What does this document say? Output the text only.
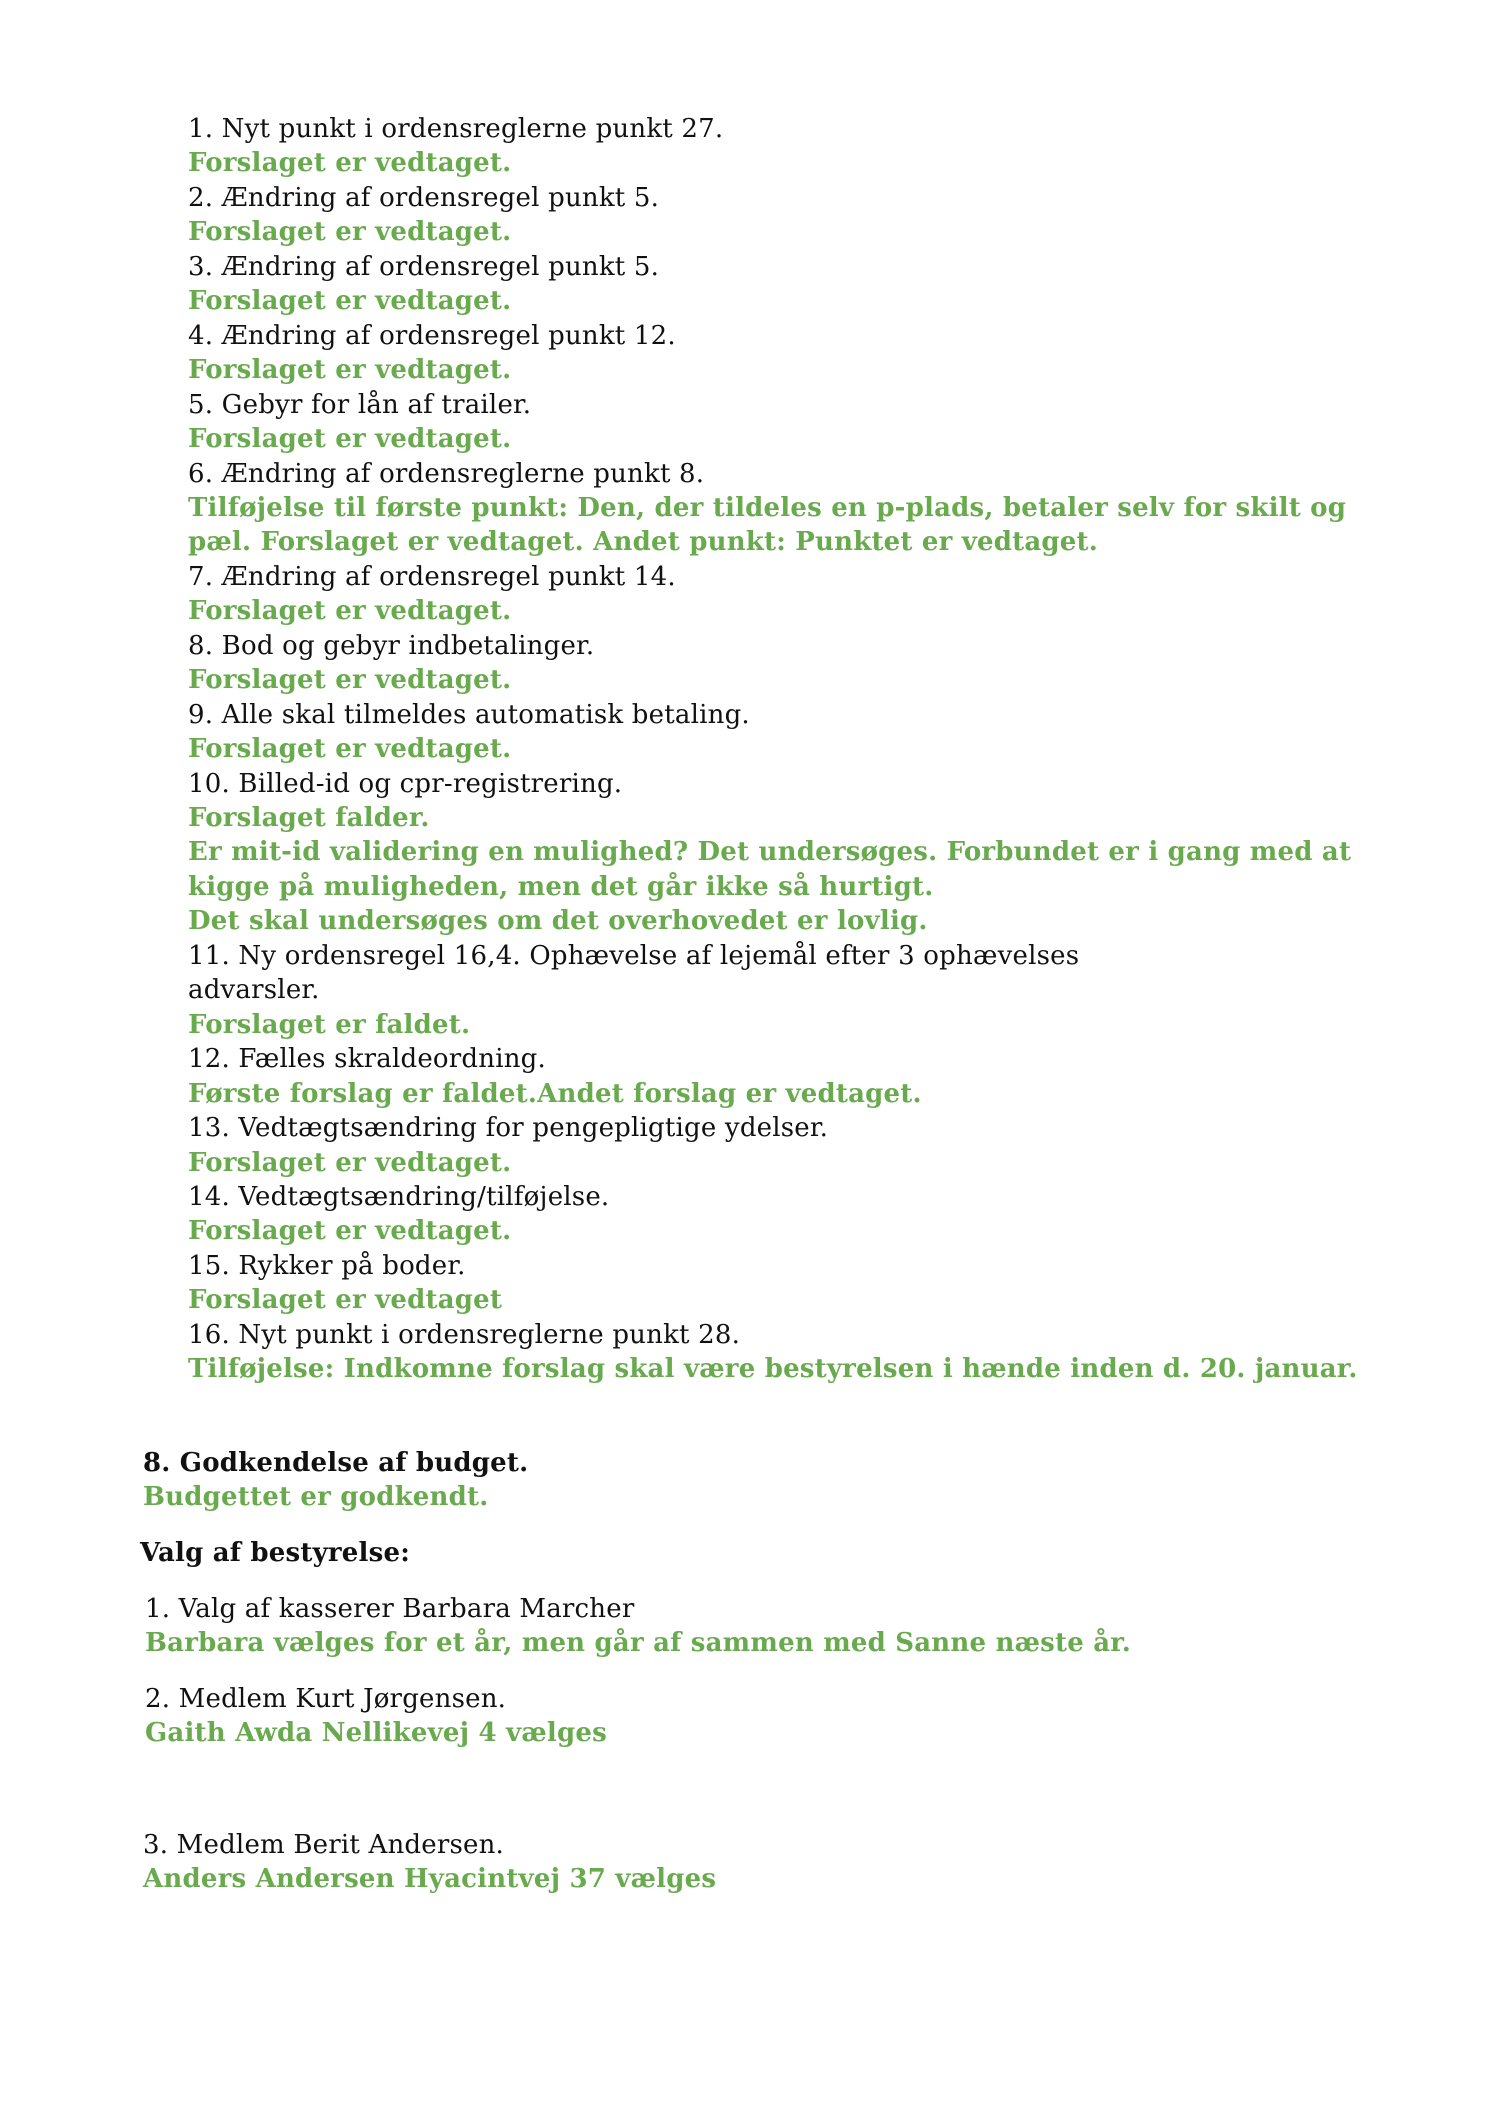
1. Nyt punkt i ordensreglerne punkt 27.
Forslaget er vedtaget.
2. Ændring af ordensregel punkt 5.
Forslaget er vedtaget.
3. Ændring af ordensregel punkt 5.
Forslaget er vedtaget.
4. Ændring af ordensregel punkt 12.
Forslaget er vedtaget.
5. Gebyr for lån af trailer.
Forslaget er vedtaget.
6. Ændring af ordensreglerne punkt 8.
Tilføjelse til første punkt: Den, der tildeles en p-plads, betaler selv for skilt og
pæl. Forslaget er vedtaget. Andet punkt: Punktet er vedtaget.
7. Ændring af ordensregel punkt 14.
Forslaget er vedtaget.
8. Bod og gebyr indbetalinger.
Forslaget er vedtaget.
9. Alle skal tilmeldes automatisk betaling.
Forslaget er vedtaget.
10. Billed-id og cpr-registrering.
Forslaget falder.
Er mit-id validering en mulighed? Det undersøges. Forbundet er i gang med at
kigge på muligheden, men det går ikke så hurtigt.
Det skal undersøges om det overhovedet er lovlig.
11. Ny ordensregel 16,4. Ophævelse af lejemål efter 3 ophævelses
advarsler.
Forslaget er faldet.
12. Fælles skraldeordning.
Første forslag er faldet.Andet forslag er vedtaget.
13. Vedtægtsændring for pengepligtige ydelser.
Forslaget er vedtaget.
14. Vedtægtsændring/tilføjelse.
Forslaget er vedtaget.
15. Rykker på boder.
Forslaget er vedtaget
16. Nyt punkt i ordensreglerne punkt 28.
Tilføjelse: Indkomne forslag skal være bestyrelsen i hænde inden d. 20. januar.
8. Godkendelse af budget.
Budgettet er godkendt.
Valg af bestyrelse:
1. Valg af kasserer Barbara Marcher
Barbara vælges for et år, men går af sammen med Sanne næste år.
2. Medlem Kurt Jørgensen.
Gaith Awda Nellikevej 4 vælges
3. Medlem Berit Andersen.
Anders Andersen Hyacintvej 37 vælges
